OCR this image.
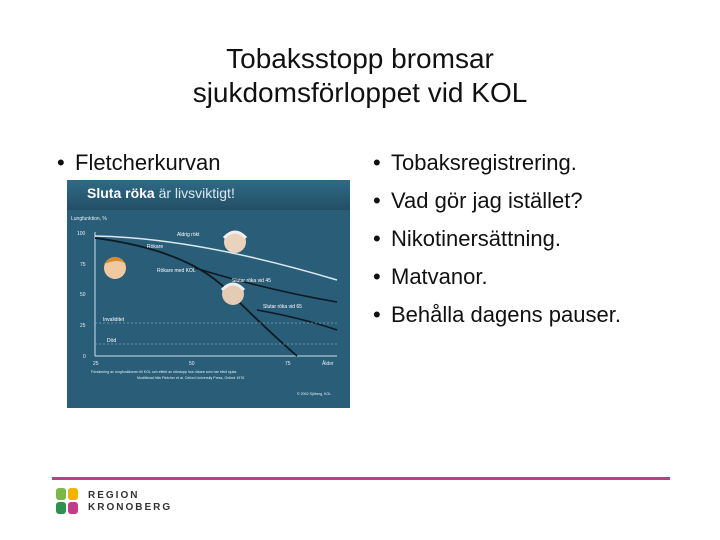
Tobaksstopp bromsar
sjukdomsförloppet vid KOL
• Fletcherkurvan	• Tobaksregistrering.
• Vad gör jag istället?
• Nikotinersättning.
• Matvanor.
• Behålla dagens pauser.
Lungfunktion, %
100
75
50
25
0
25	50	75	Ålder
Aldrig rökt
Rökare
Rökare med KOL
Slutar röka vid 45
Invaliditet
Slutar röka vid 65
Död
Försämring av lungfunktionen till KOL och effekt av rökstopp hos rökare som har blivit sjuka
Modifierad från Fletcher et al. Oxford University Press, Oxford 1976
© 2002 Sjöberg, KOL
Sluta röka är livsviktigt!
REGION
KRONOBERG
